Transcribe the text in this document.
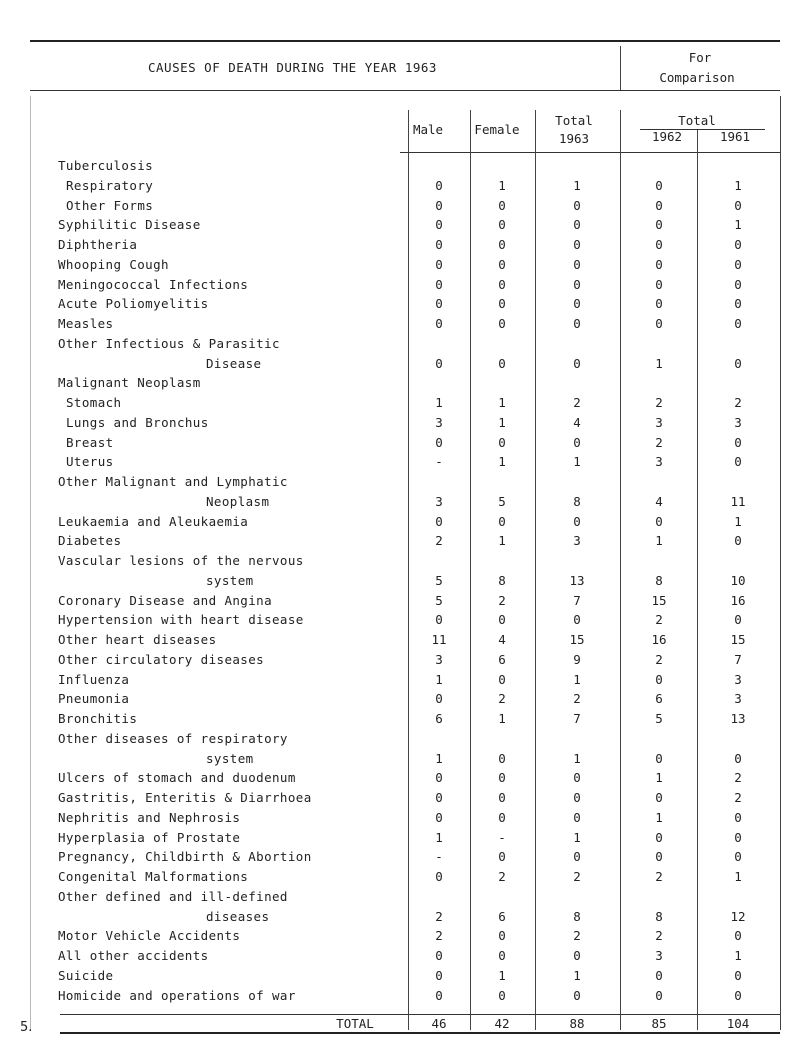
CAUSES OF DEATH DURING THE YEAR 1963
For
Comparison
Male	Female
Total
1963
Total
1962	1961
Tuberculosis
Respiratory	0	1	1	0	1
Other Forms	0	0	0	0	0
Syphilitic Disease	0	0	0	0	1
Diphtheria	0	0	0	0	0
Whooping Cough	0	0	0	0	0
Meningococcal Infections	0	0	0	0	0
Acute Poliomyelitis	0	0	0	0	0
Measles	0	0	0	0	0
Other Infectious & Parasitic
Disease	0	0	0	1	0
Malignant Neoplasm
Stomach	1	1	2	2	2
Lungs and Bronchus	3	1	4	3	3
Breast	0	0	0	2	0
Uterus	-	1	1	3	0
Other Malignant and Lymphatic
Neoplasm	3	5	8	4	11
Leukaemia and Aleukaemia	0	0	0	0	1
Diabetes	2	1	3	1	0
Vascular lesions of the nervous
system	5	8	13	8	10
Coronary Disease and Angina	5	2	7	15	16
Hypertension with heart disease	0	0	0	2	0
Other heart diseases	11	4	15	16	15
Other circulatory diseases	3	6	9	2	7
Influenza	1	0	1	0	3
Pneumonia	0	2	2	6	3
Bronchitis	6	1	7	5	13
Other diseases of respiratory
system	1	0	1	0	0
Ulcers of stomach and duodenum	0	0	0	1	2
Gastritis, Enteritis & Diarrhoea	0	0	0	0	2
Nephritis and Nephrosis	0	0	0	1	0
Hyperplasia of Prostate	1	-	1	0	0
Pregnancy, Childbirth & Abortion	-	0	0	0	0
Congenital Malformations	0	2	2	2	1
Other defined and ill-defined
diseases	2	6	8	8	12
Motor Vehicle Accidents	2	0	2	2	0
All other accidents	0	0	0	3	1
Suicide	0	1	1	0	0
Homicide and operations of war	0	0	0	0	0
TOTAL	46	42	88	85	104
5.
